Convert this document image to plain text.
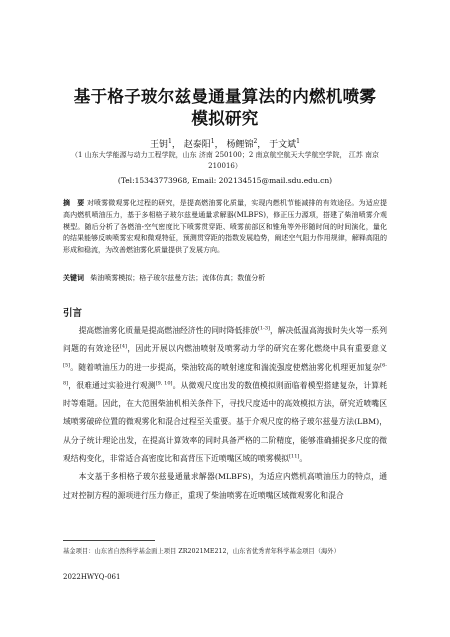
基于格子玻尔兹曼通量算法的内燃机喷雾
模拟研究
王钥$^1$， 赵泰阳$^1$， 杨鲤锦$^2$， 于文斌$^1$
（1 山东大学能源与动力工程学院，山东 济南 250100；2 南京航空航天大学航空学院， 江苏 南京 210016）
(Tel:15343773968, Email: 202134515@mail.sdu.edu.cn)
摘　要 对喷雾微观雾化过程的研究，是提高燃油雾化质量，实现内燃机节能减排的有效途径。为适应提高内燃机喷油压力，基于多相格子玻尔兹曼通量求解器(MLBFS)，修正压力源项，搭建了柴油喷雾介观模型。随后分析了各燃油-空气密度比下喷雾贯穿距、喷雾前部区和锥角等外形随时间的时间演化，量化的结果能够反映喷雾宏观和微观特征，预测贯穿距的指数发展趋势，阐述空气阻力作用规律，解释高阻的形成和稳流，为改善燃油雾化质量提供了发展方向。
关键词 柴油喷雾模拟；格子玻尔兹曼方法；流体仿真；数值分析
引言

提高燃油雾化质量是提高燃油经济性的同时降低排放[1-3]，解决低温高海拔时失火等一系列问题的有效途径[4]，因此开展以内燃油喷射及喷雾动力学的研究在雾化燃烧中具有重要意义[5]。随着喷油压力的进一步提高，柴油较高的喷射速度和湍流强度使燃油雾化机理更加复杂[6-8]，很难通过实验进行观测[9, 10]。从微观尺度出发的数值模拟则面临着模型搭建复杂，计算耗时等难题。因此，在大范围柴油机相关条件下，寻找尺度适中的高效模拟方法，研究近喷嘴区域喷雾破碎位置的微观雾化和混合过程至关重要。基于介观尺度的格子玻尔兹曼方法(LBM)，从分子统计理论出发，在提高计算效率的同时具备严格的二阶精度，能够准确捕捉多尺度的微观结构变化，非常适合高密度比和高背压下近喷嘴区域的喷雾模拟[11]。

本文基于多相格子玻尔兹曼通量求解器(MLBFS)，为适应内燃机高喷油压力的特点，通过对控制方程的源项进行压力修正，重现了柴油喷雾在近喷嘴区域微观雾化和混合

基金项目：山东省自然科学基金面上项目 ZR2021ME212，山东省优秀青年科学基金项目（海外）
2022HWYQ-061
